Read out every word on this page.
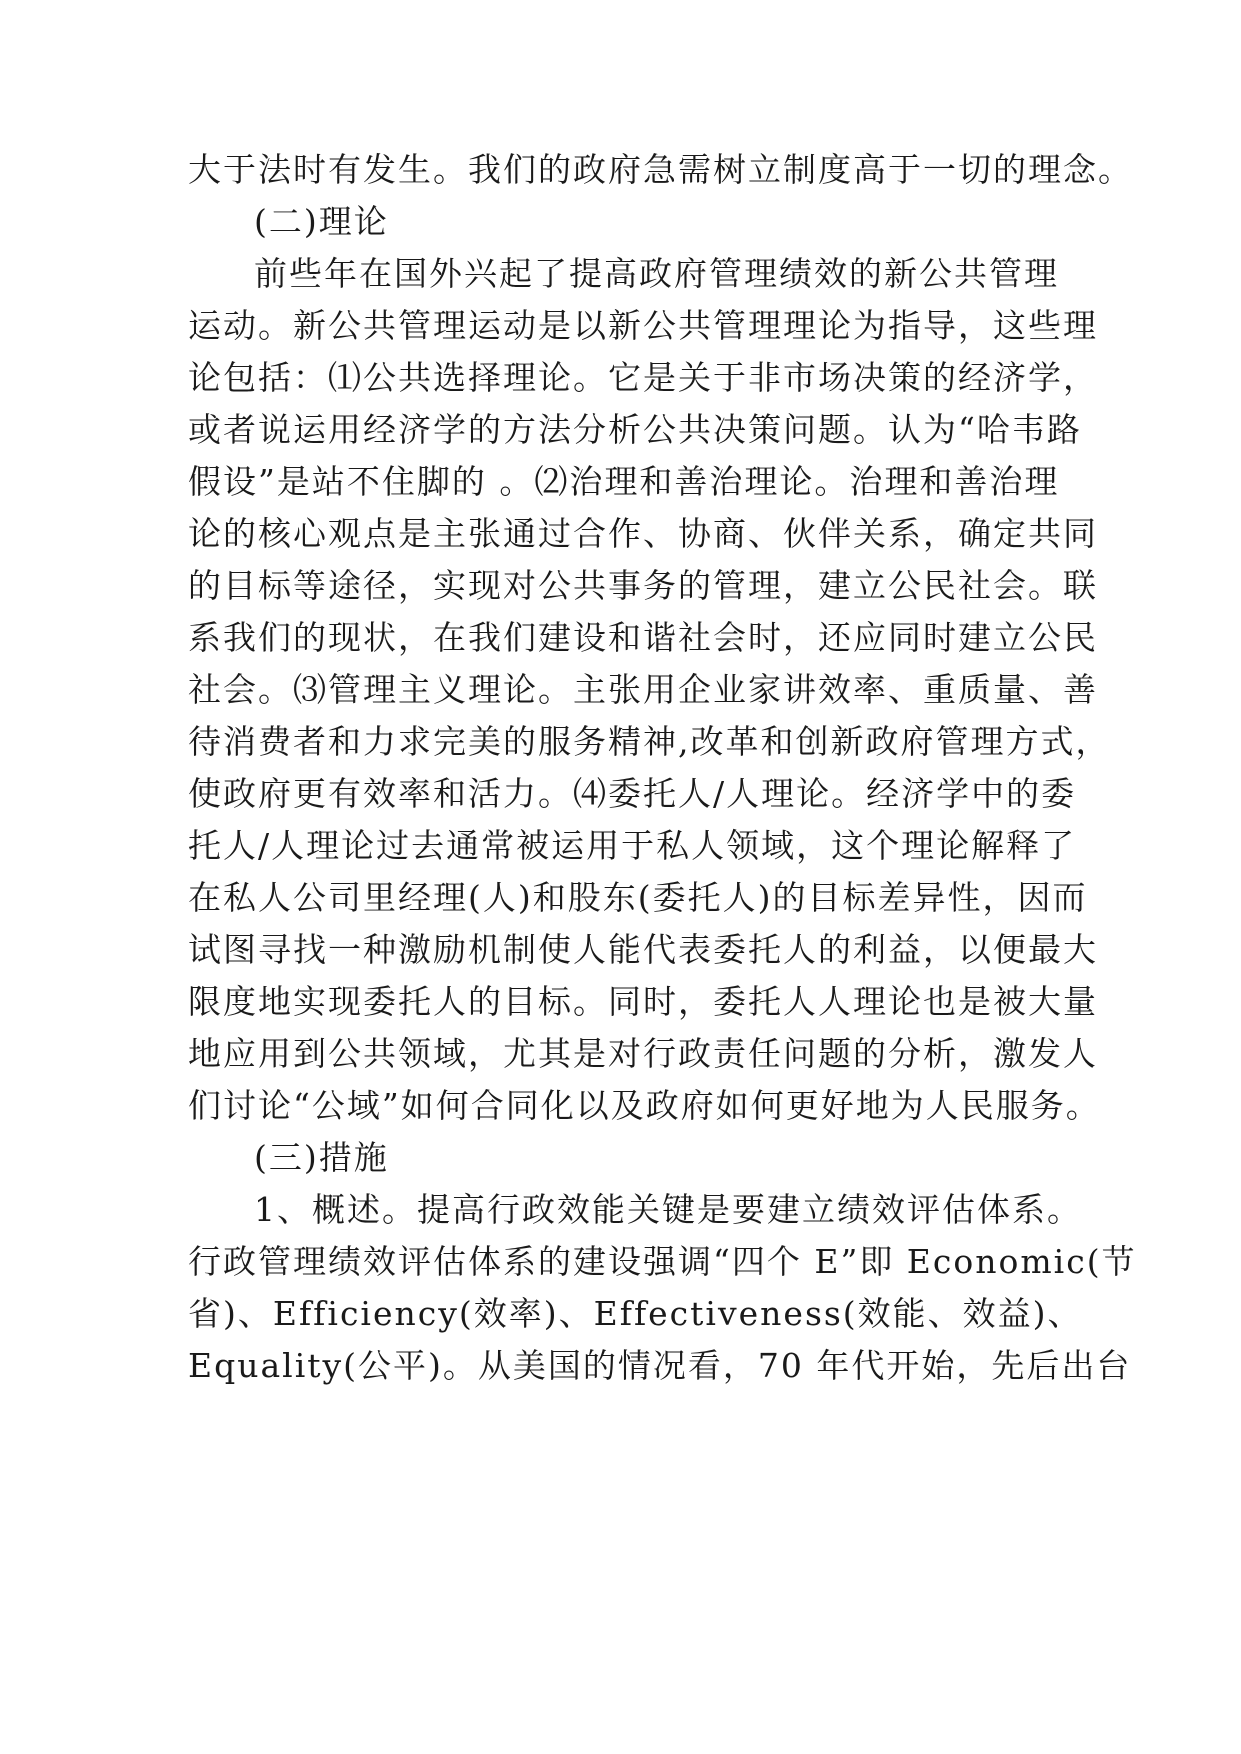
大于法时有发生。我们的政府急需树立制度高于一切的理念。
(二)理论
前些年在国外兴起了提高政府管理绩效的新公共管理
运动。新公共管理运动是以新公共管理理论为指导，这些理
论包括：⑴公共选择理论。它是关于非市场决策的经济学，
或者说运用经济学的方法分析公共决策问题。认为“哈韦路
假设”是站不住脚的 。⑵治理和善治理论。治理和善治理
论的核心观点是主张通过合作、协商、伙伴关系，确定共同
的目标等途径，实现对公共事务的管理，建立公民社会。联
系我们的现状，在我们建设和谐社会时，还应同时建立公民
社会。⑶管理主义理论。主张用企业家讲效率、重质量、善
待消费者和力求完美的服务精神,改革和创新政府管理方式，
使政府更有效率和活力。⑷委托人/人理论。经济学中的委
托人/人理论过去通常被运用于私人领域，这个理论解释了
在私人公司里经理(人)和股东(委托人)的目标差异性，因而
试图寻找一种激励机制使人能代表委托人的利益，以便最大
限度地实现委托人的目标。同时，委托人人理论也是被大量
地应用到公共领域，尤其是对行政责任问题的分析，激发人
们讨论“公域”如何合同化以及政府如何更好地为人民服务。
(三)措施
1、概述。提高行政效能关键是要建立绩效评估体系。
行政管理绩效评估体系的建设强调“四个 E”即 Economic(节
省)、Efficiency(效率)、Effectiveness(效能、效益)、
Equality(公平)。从美国的情况看，70 年代开始，先后出台
